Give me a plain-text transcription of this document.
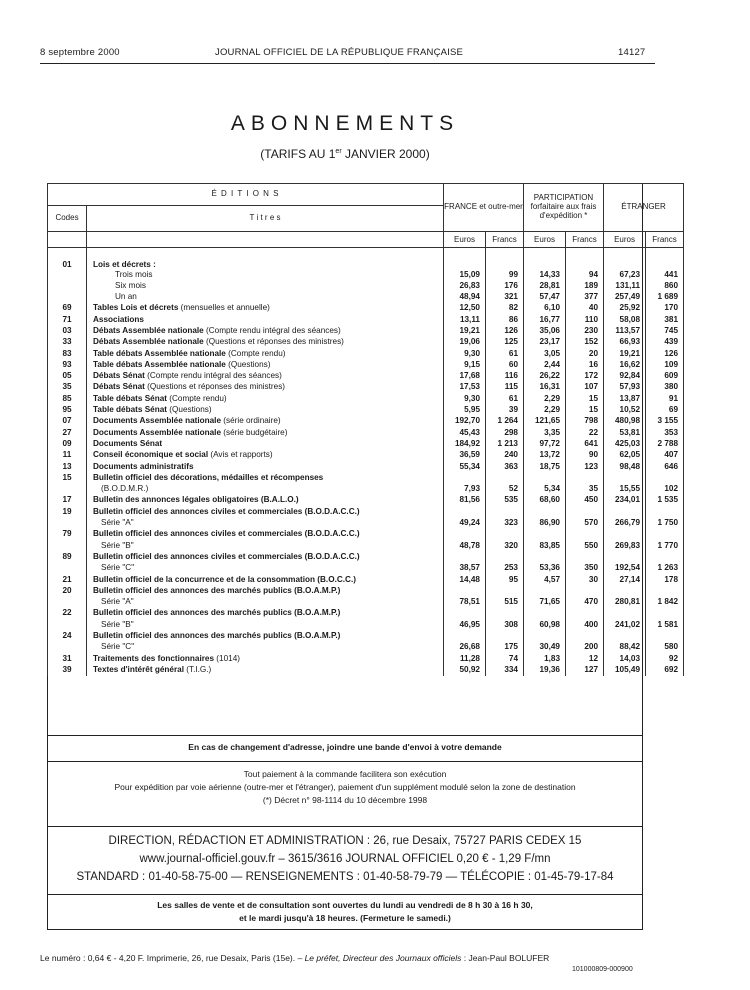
8 septembre 2000	JOURNAL OFFICIEL DE LA RÉPUBLIQUE FRANÇAISE	14127
ABONNEMENTS
(TARIFS AU 1er JANVIER 2000)
É D I T I O N S		FRANCE et outre-mer		PARTICIPATION forfaitaire aux frais d'expédition *		ÉTRANGER	
Codes	T i t r e s						
		Euros	Francs	Euros	Francs	Euros	Francs
01	Lois et décrets :						
	Trois mois	15,09	99	14,33	94	67,23	441
	Six mois	26,83	176	28,81	189	131,11	860
	Un an	48,94	321	57,47	377	257,49	1 689
69	Tables Lois et décrets (mensuelles et annuelle)	12,50	82	6,10	40	25,92	170
71	Associations	13,11	86	16,77	110	58,08	381
03	Débats Assemblée nationale (Compte rendu intégral des séances)	19,21	126	35,06	230	113,57	745
33	Débats Assemblée nationale (Questions et réponses des ministres)	19,06	125	23,17	152	66,93	439
83	Table débats Assemblée nationale (Compte rendu)	9,30	61	3,05	20	19,21	126
93	Table débats Assemblée nationale (Questions)	9,15	60	2,44	16	16,62	109
05	Débats Sénat (Compte rendu intégral des séances)	17,68	116	26,22	172	92,84	609
35	Débats Sénat (Questions et réponses des ministres)	17,53	115	16,31	107	57,93	380
85	Table débats Sénat (Compte rendu)	9,30	61	2,29	15	13,87	91
95	Table débats Sénat (Questions)	5,95	39	2,29	15	10,52	69
07	Documents Assemblée nationale (série ordinaire)	192,70	1 264	121,65	798	480,98	3 155
27	Documents Assemblée nationale (série budgétaire)	45,43	298	3,35	22	53,81	353
09	Documents Sénat	184,92	1 213	97,72	641	425,03	2 788
11	Conseil économique et social (Avis et rapports)	36,59	240	13,72	90	62,05	407
13	Documents administratifs	55,34	363	18,75	123	98,48	646
15	Bulletin officiel des décorations, médailles et récompenses						
	(B.O.D.M.R.)	7,93	52	5,34	35	15,55	102
17	Bulletin des annonces légales obligatoires (B.A.L.O.)	81,56	535	68,60	450	234,01	1 535
19	Bulletin officiel des annonces civiles et commerciales (B.O.D.A.C.C.)						
	Série "A"	49,24	323	86,90	570	266,79	1 750
79	Bulletin officiel des annonces civiles et commerciales (B.O.D.A.C.C.)						
	Série "B"	48,78	320	83,85	550	269,83	1 770
89	Bulletin officiel des annonces civiles et commerciales (B.O.D.A.C.C.)						
	Série "C"	38,57	253	53,36	350	192,54	1 263
21	Bulletin officiel de la concurrence et de la consommation (B.O.C.C.)	14,48	95	4,57	30	27,14	178
20	Bulletin officiel des annonces des marchés publics (B.O.A.M.P.)						
	Série "A"	78,51	515	71,65	470	280,81	1 842
22	Bulletin officiel des annonces des marchés publics (B.O.A.M.P.)						
	Série "B"	46,95	308	60,98	400	241,02	1 581
24	Bulletin officiel des annonces des marchés publics (B.O.A.M.P.)						
	Série "C"	26,68	175	30,49	200	88,42	580
31	Traitements des fonctionnaires (1014)	11,28	74	1,83	12	14,03	92
39	Textes d'intérêt général (T.I.G.)	50,92	334	19,36	127	105,49	692
En cas de changement d'adresse, joindre une bande d'envoi à votre demande
Tout paiement à la commande facilitera son exécution
Pour expédition par voie aérienne (outre-mer et l'étranger), paiement d'un supplément modulé selon la zone de destination
(*) Décret n° 98-1114 du 10 décembre 1998
DIRECTION, RÉDACTION ET ADMINISTRATION : 26, rue Desaix, 75727 PARIS CEDEX 15
www.journal-officiel.gouv.fr – 3615/3616 JOURNAL OFFICIEL 0,20 € - 1,29 F/mn
STANDARD : 01-40-58-75-00 — RENSEIGNEMENTS : 01-40-58-79-79 — TÉLÉCOPIE : 01-45-79-17-84
Les salles de vente et de consultation sont ouvertes du lundi au vendredi de 8 h 30 à 16 h 30,
et le mardi jusqu'à 18 heures. (Fermeture le samedi.)
Le numéro : 0,64 € - 4,20 F. Imprimerie, 26, rue Desaix, Paris (15e). – Le préfet, Directeur des Journaux officiels : Jean-Paul BOLUFER
101000809-000900
